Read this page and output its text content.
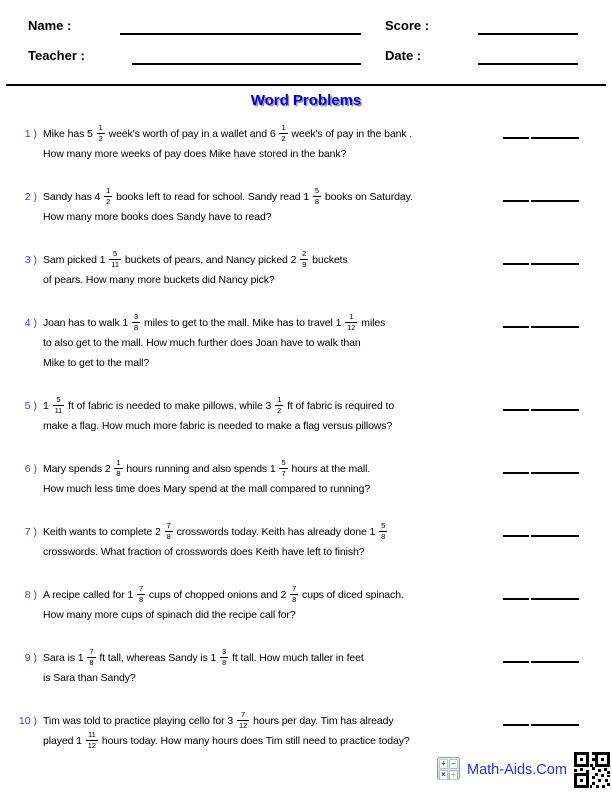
Name :	Score :
Teacher :	Date :
Word Problems
1 ) Mike has $5 \frac{1}{2}$ week's worth of pay in a wallet and $6 \frac{1}{2}$ week's of pay in the bank .
How many more weeks of pay does Mike have stored in the bank?
2 ) Sandy has $4 \frac{1}{2}$ books left to read for school. Sandy read $1 \frac{5}{8}$ books on Saturday.
How many more books does Sandy have to read?
3 ) Sam picked $1 \frac{5}{11}$ buckets of pears, and Nancy picked $2 \frac{2}{9}$ buckets
of pears. How many more buckets did Nancy pick?
4 ) Joan has to walk $1 \frac{3}{8}$ miles to get to the mall. Mike has to travel $1 \frac{1}{12}$ miles
to also get to the mall. How much further does Joan have to walk than
Mike to get to the mall?
5 ) $1 \frac{5}{11}$ ft of fabric is needed to make pillows, while $3 \frac{1}{2}$ ft of fabric is required to
make a flag. How much more fabric is needed to make a flag versus pillows?
6 ) Mary spends $2 \frac{1}{8}$ hours running and also spends $1 \frac{5}{7}$ hours at the mall.
How much less time does Mary spend at the mall compared to running?
7 ) Keith wants to complete $2 \frac{7}{8}$ crosswords today. Keith has already done $1 \frac{5}{8}$
crosswords. What fraction of crosswords does Keith have left to finish?
8 ) A recipe called for $1 \frac{7}{8}$ cups of chopped onions and $2 \frac{7}{8}$ cups of diced spinach.
How many more cups of spinach did the recipe call for?
9 ) Sara is $1 \frac{7}{8}$ ft tall, whereas Sandy is $1 \frac{3}{8}$ ft tall. How much taller in feet
is Sara than Sandy?
10 ) Tim was told to practice playing cello for $3 \frac{7}{12}$ hours per day. Tim has already
played $1 \frac{11}{12}$ hours today. How many hours does Tim still need to practice today?
+ −
× ÷ Math-Aids.Com
